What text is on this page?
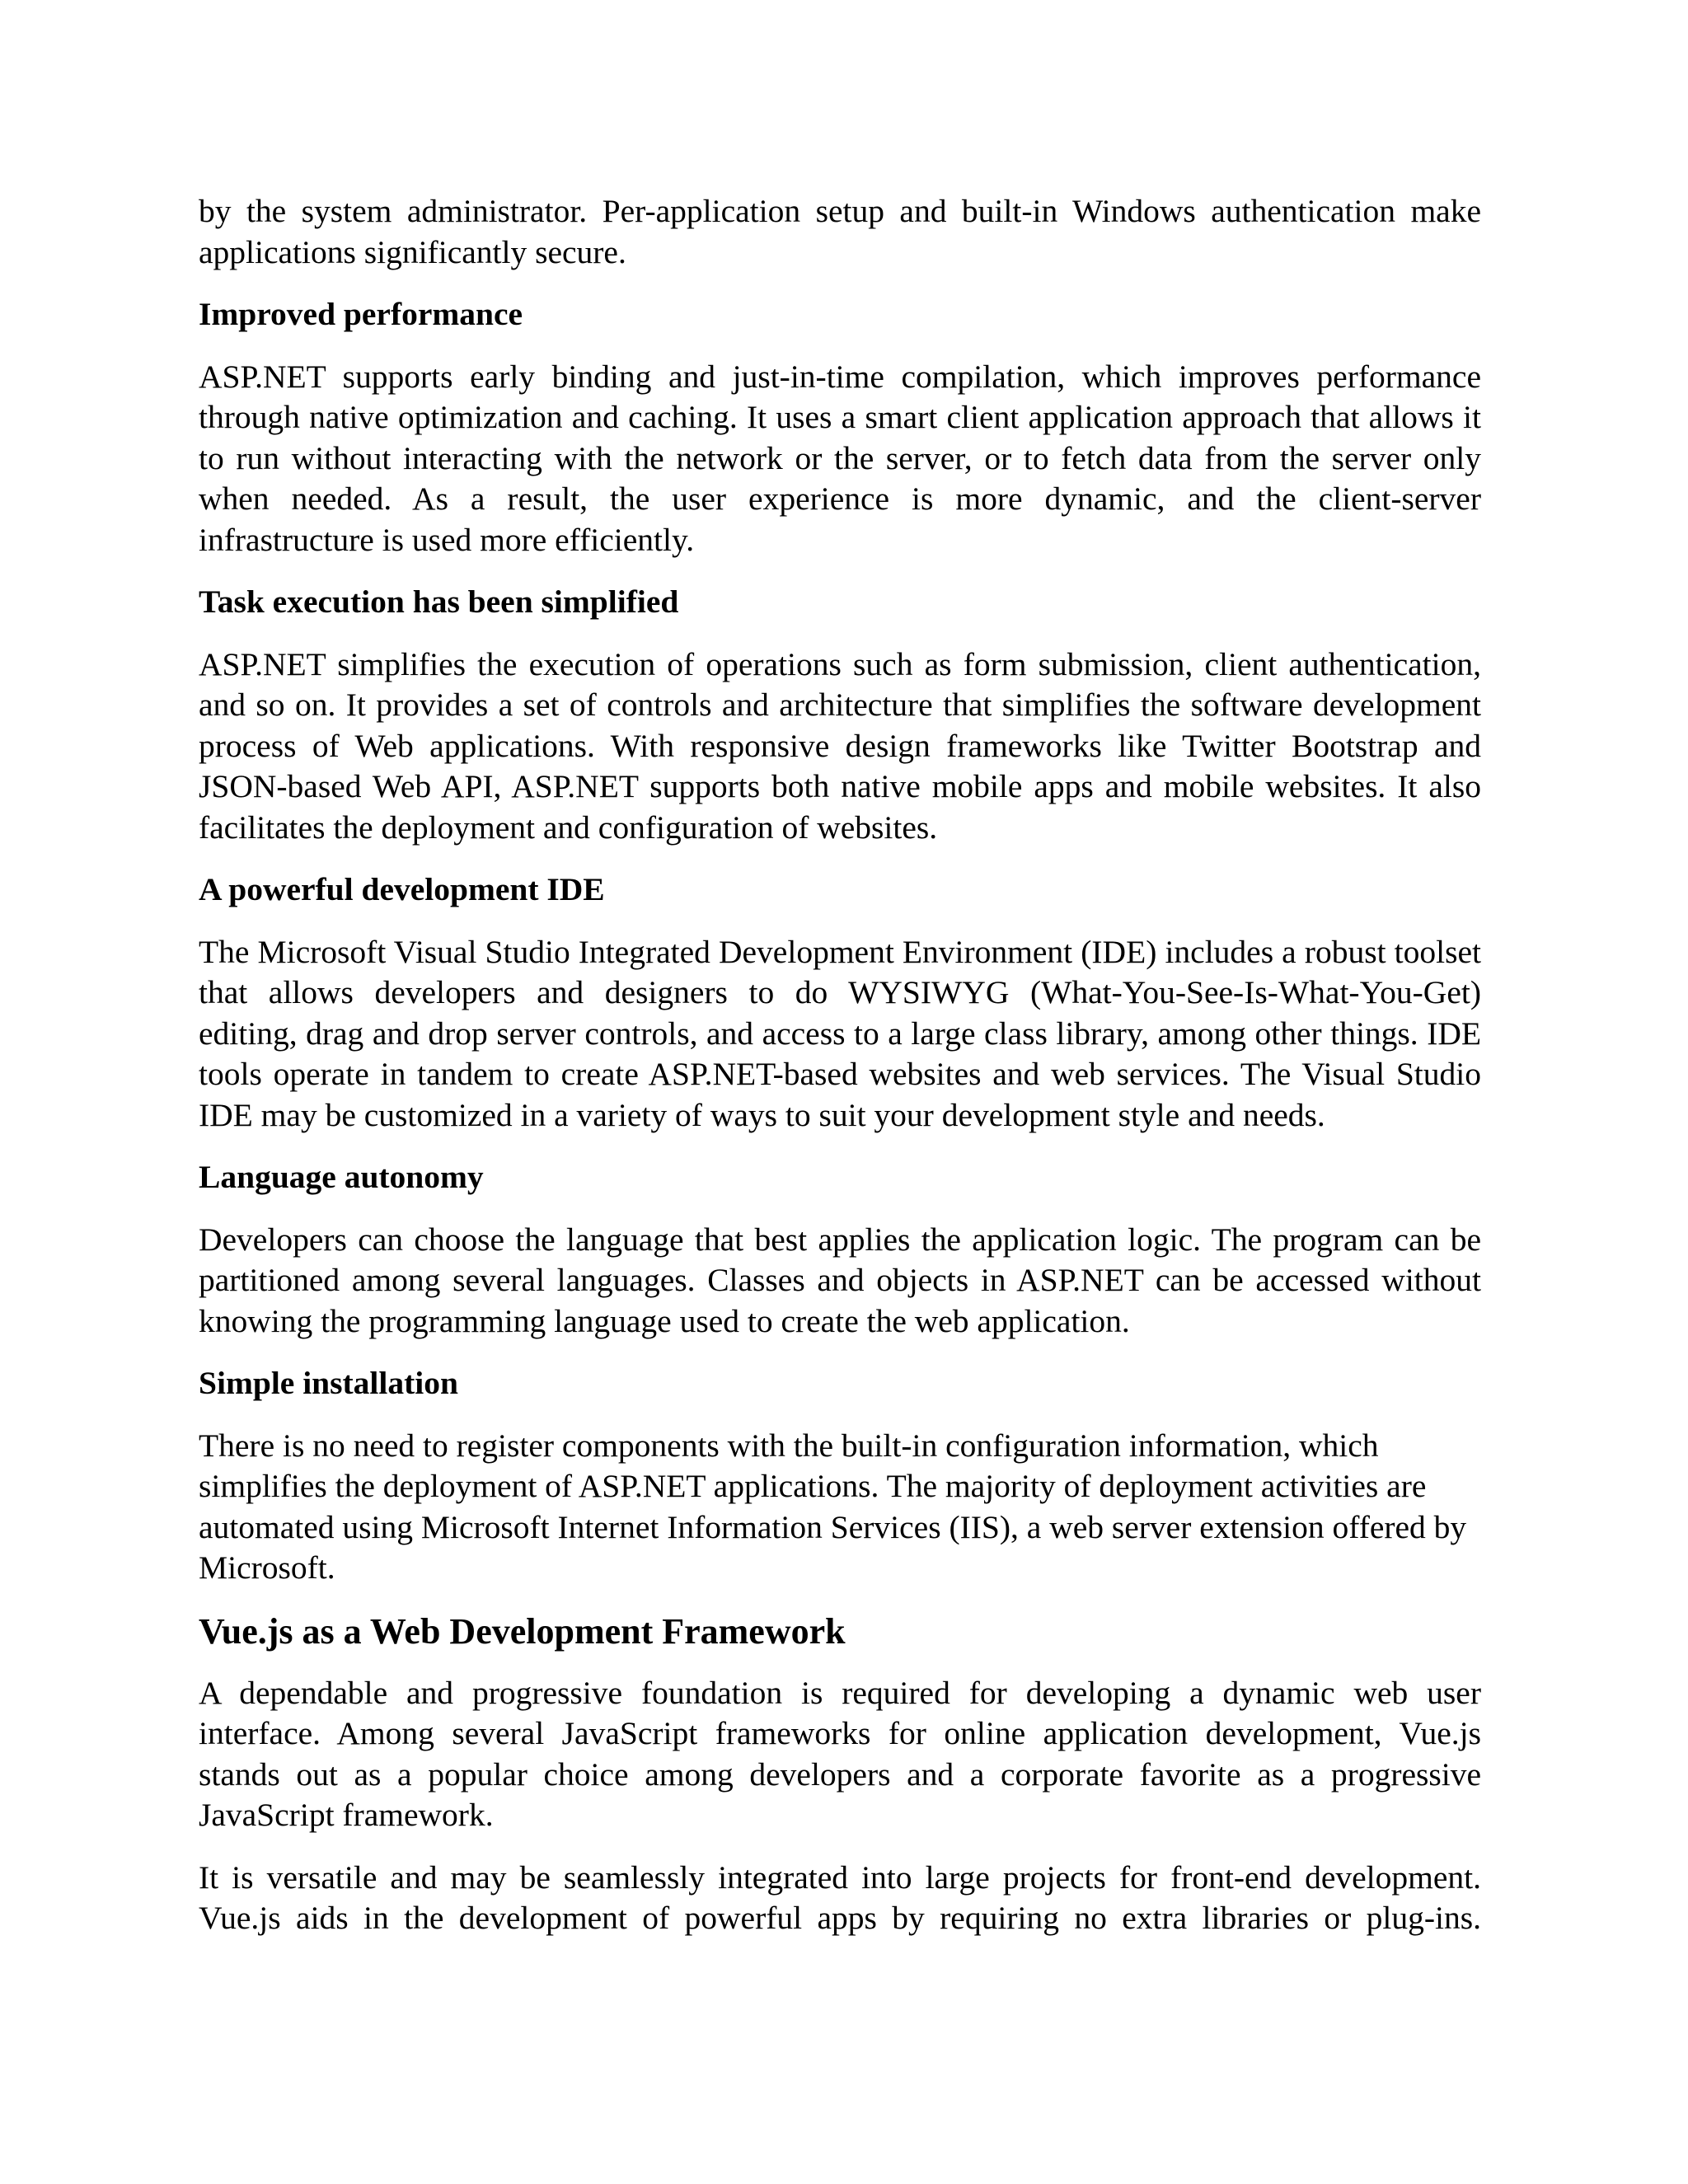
by the system administrator. Per-application setup and built-in Windows authentication make applications significantly secure.

Improved performance

ASP.NET supports early binding and just-in-time compilation, which improves performance through native optimization and caching. It uses a smart client application approach that allows it to run without interacting with the network or the server, or to fetch data from the server only when needed. As a result, the user experience is more dynamic, and the client-server infrastructure is used more efficiently.

Task execution has been simplified

ASP.NET simplifies the execution of operations such as form submission, client authentication, and so on. It provides a set of controls and architecture that simplifies the software development process of Web applications. With responsive design frameworks like Twitter Bootstrap and JSON-based Web API, ASP.NET supports both native mobile apps and mobile websites. It also facilitates the deployment and configuration of websites.

A powerful development IDE

The Microsoft Visual Studio Integrated Development Environment (IDE) includes a robust toolset that allows developers and designers to do WYSIWYG (What-You-See-Is-What-You-Get) editing, drag and drop server controls, and access to a large class library, among other things. IDE tools operate in tandem to create ASP.NET-based websites and web services. The Visual Studio IDE may be customized in a variety of ways to suit your development style and needs.

Language autonomy

Developers can choose the language that best applies the application logic. The program can be partitioned among several languages. Classes and objects in ASP.NET can be accessed without knowing the programming language used to create the web application.

Simple installation

There is no need to register components with the built-in configuration information, which simplifies the deployment of ASP.NET applications. The majority of deployment activities are automated using Microsoft Internet Information Services (IIS), a web server extension offered by Microsoft.

Vue.js as a Web Development Framework

A dependable and progressive foundation is required for developing a dynamic web user interface. Among several JavaScript frameworks for online application development, Vue.js stands out as a popular choice among developers and a corporate favorite as a progressive JavaScript framework.

It is versatile and may be seamlessly integrated into large projects for front-end development. Vue.js aids in the development of powerful apps by requiring no extra libraries or plug-ins.
